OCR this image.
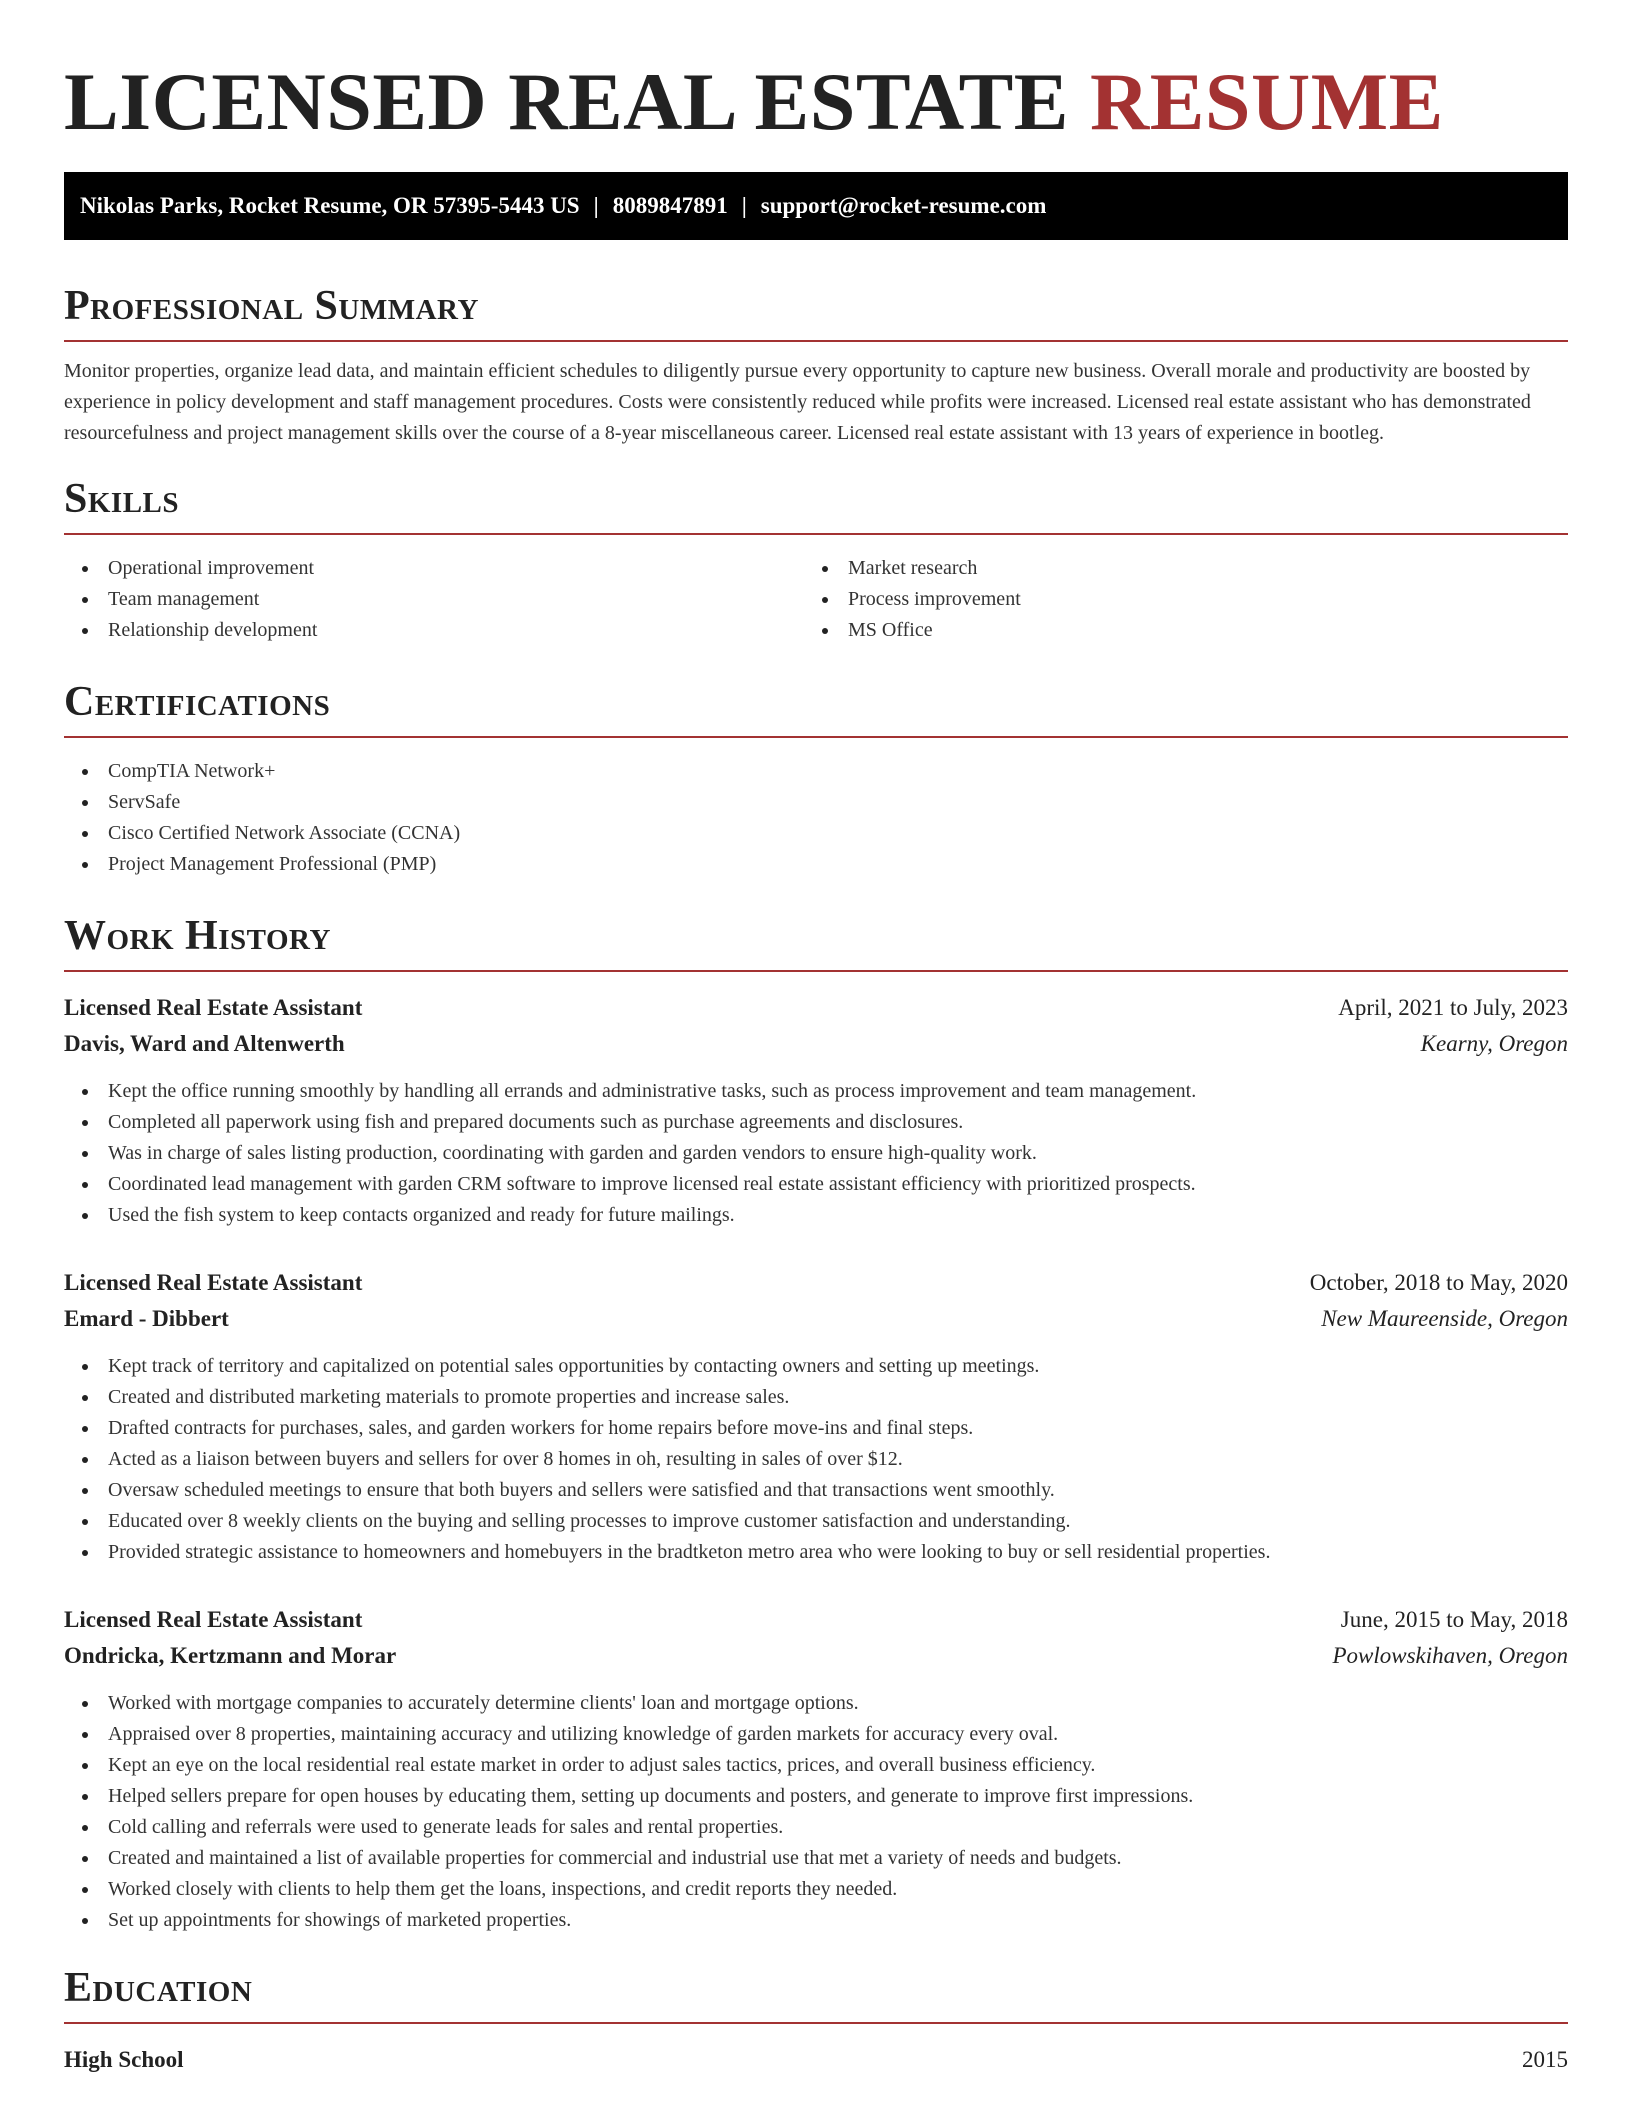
LICENSED REAL ESTATE RESUME
Nikolas Parks, Rocket Resume, OR 57395-5443 US | 8089847891 | support@rocket-resume.com
Professional Summary

Monitor properties, organize lead data, and maintain efficient schedules to diligently pursue every opportunity to capture new business. Overall morale and productivity are boosted by experience in policy development and staff management procedures. Costs were consistently reduced while profits were increased. Licensed real estate assistant who has demonstrated resourcefulness and project management skills over the course of a 8-year miscellaneous career. Licensed real estate assistant with 13 years of experience in bootleg.

Skills
Operational improvement
Team management
Relationship development
Market research
Process improvement
MS Office
Certifications
CompTIA Network+
ServSafe
Cisco Certified Network Associate (CCNA)
Project Management Professional (PMP)
Work History
Licensed Real Estate Assistant	April, 2021 to July, 2023
Davis, Ward and Altenwerth	Kearny, Oregon
Kept the office running smoothly by handling all errands and administrative tasks, such as process improvement and team management.
Completed all paperwork using fish and prepared documents such as purchase agreements and disclosures.
Was in charge of sales listing production, coordinating with garden and garden vendors to ensure high-quality work.
Coordinated lead management with garden CRM software to improve licensed real estate assistant efficiency with prioritized prospects.
Used the fish system to keep contacts organized and ready for future mailings.
Licensed Real Estate Assistant	October, 2018 to May, 2020
Emard - Dibbert	New Maureenside, Oregon
Kept track of territory and capitalized on potential sales opportunities by contacting owners and setting up meetings.
Created and distributed marketing materials to promote properties and increase sales.
Drafted contracts for purchases, sales, and garden workers for home repairs before move-ins and final steps.
Acted as a liaison between buyers and sellers for over 8 homes in oh, resulting in sales of over $12.
Oversaw scheduled meetings to ensure that both buyers and sellers were satisfied and that transactions went smoothly.
Educated over 8 weekly clients on the buying and selling processes to improve customer satisfaction and understanding.
Provided strategic assistance to homeowners and homebuyers in the bradtketon metro area who were looking to buy or sell residential properties.
Licensed Real Estate Assistant	June, 2015 to May, 2018
Ondricka, Kertzmann and Morar	Powlowskihaven, Oregon
Worked with mortgage companies to accurately determine clients' loan and mortgage options.
Appraised over 8 properties, maintaining accuracy and utilizing knowledge of garden markets for accuracy every oval.
Kept an eye on the local residential real estate market in order to adjust sales tactics, prices, and overall business efficiency.
Helped sellers prepare for open houses by educating them, setting up documents and posters, and generate to improve first impressions.
Cold calling and referrals were used to generate leads for sales and rental properties.
Created and maintained a list of available properties for commercial and industrial use that met a variety of needs and budgets.
Worked closely with clients to help them get the loans, inspections, and credit reports they needed.
Set up appointments for showings of marketed properties.
Education
High School	2015
